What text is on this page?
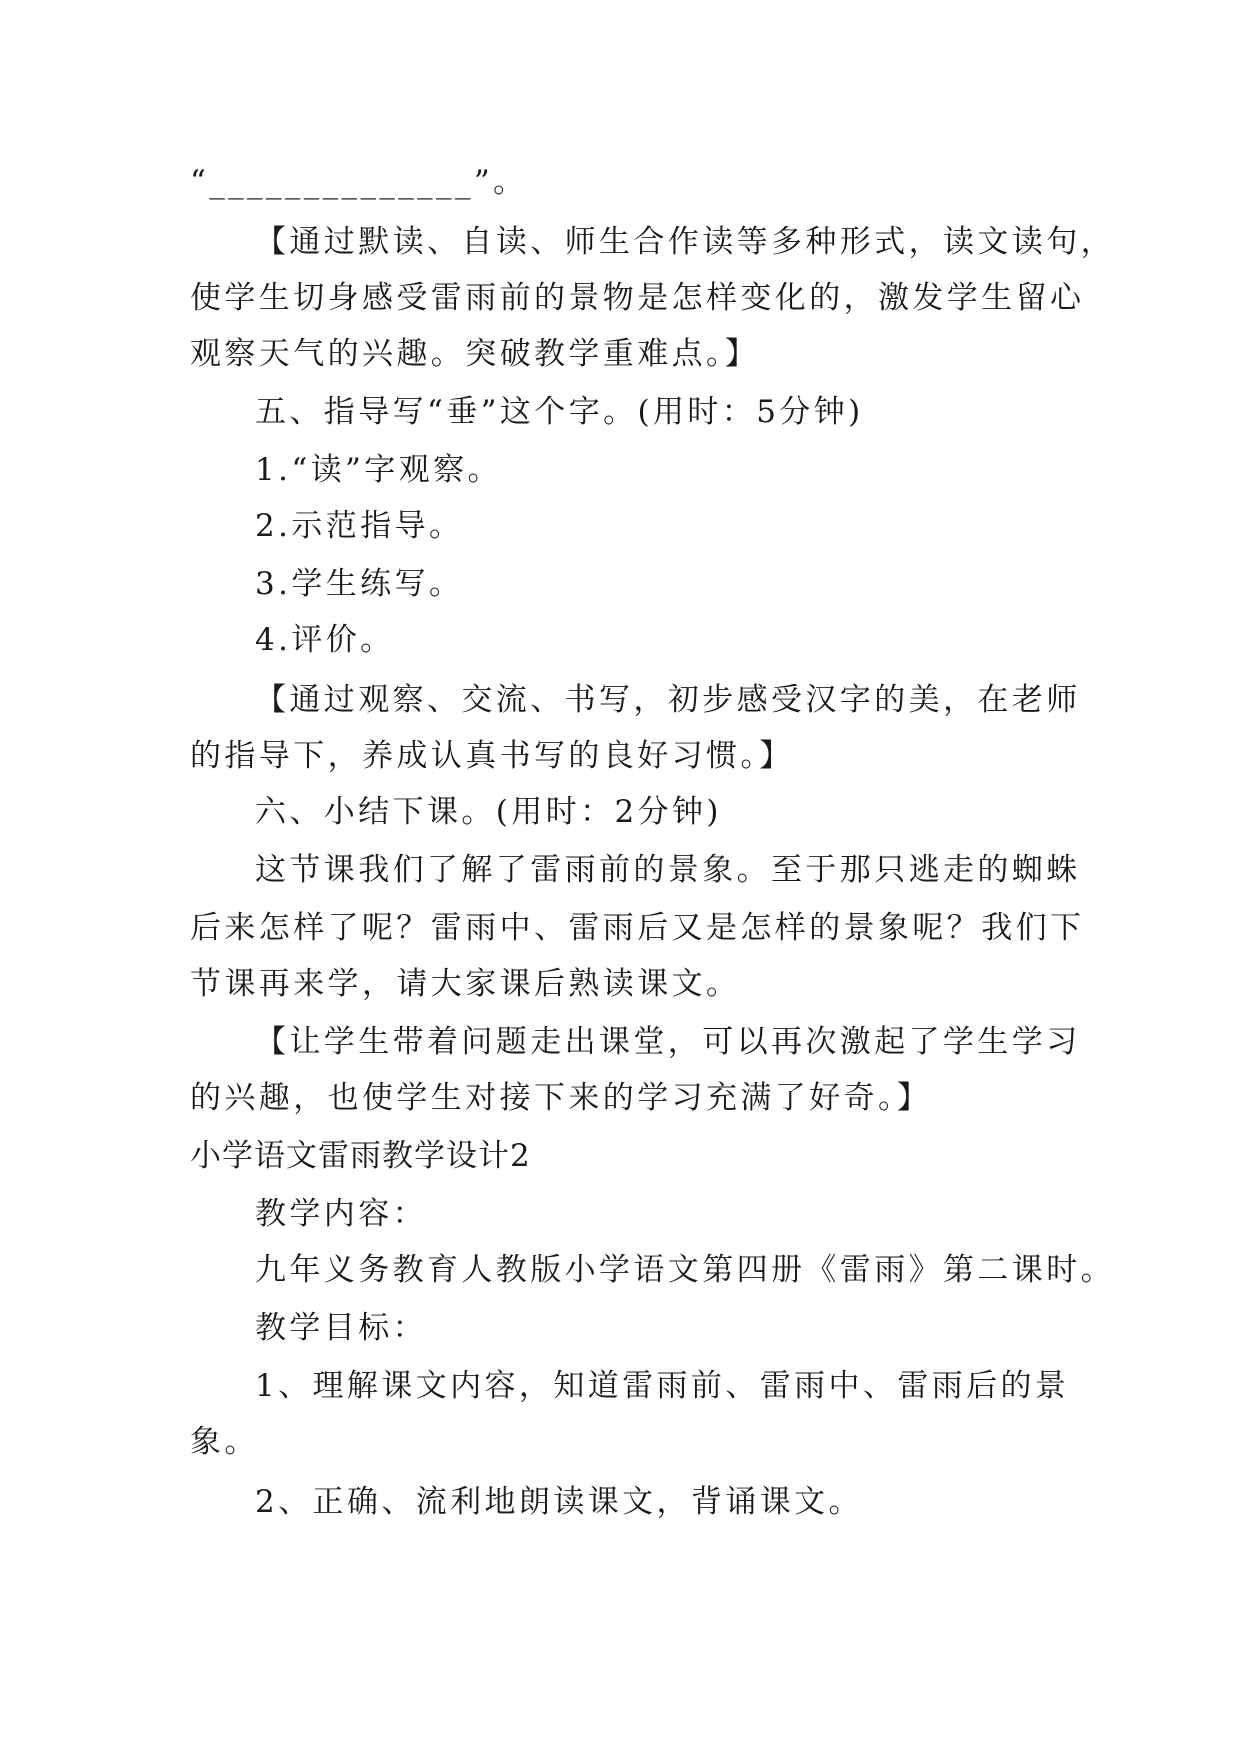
“______________”。
【通过默读、自读、师生合作读等多种形式，读文读句，
使学生切身感受雷雨前的景物是怎样变化的，激发学生留心
观察天气的兴趣。突破教学重难点。】
五、指导写“垂”这个字。(用时：5分钟)
1.“读”字观察。
2.示范指导。
3.学生练写。
4.评价。
【通过观察、交流、书写，初步感受汉字的美，在老师
的指导下，养成认真书写的良好习惯。】
六、小结下课。(用时：2分钟)
这节课我们了解了雷雨前的景象。至于那只逃走的蜘蛛
后来怎样了呢？雷雨中、雷雨后又是怎样的景象呢？我们下
节课再来学，请大家课后熟读课文。
【让学生带着问题走出课堂，可以再次激起了学生学习
的兴趣，也使学生对接下来的学习充满了好奇。】
小学语文雷雨教学设计2
教学内容：
九年义务教育人教版小学语文第四册《雷雨》第二课时。
教学目标：
1、理解课文内容，知道雷雨前、雷雨中、雷雨后的景
象。
2、正确、流利地朗读课文，背诵课文。
